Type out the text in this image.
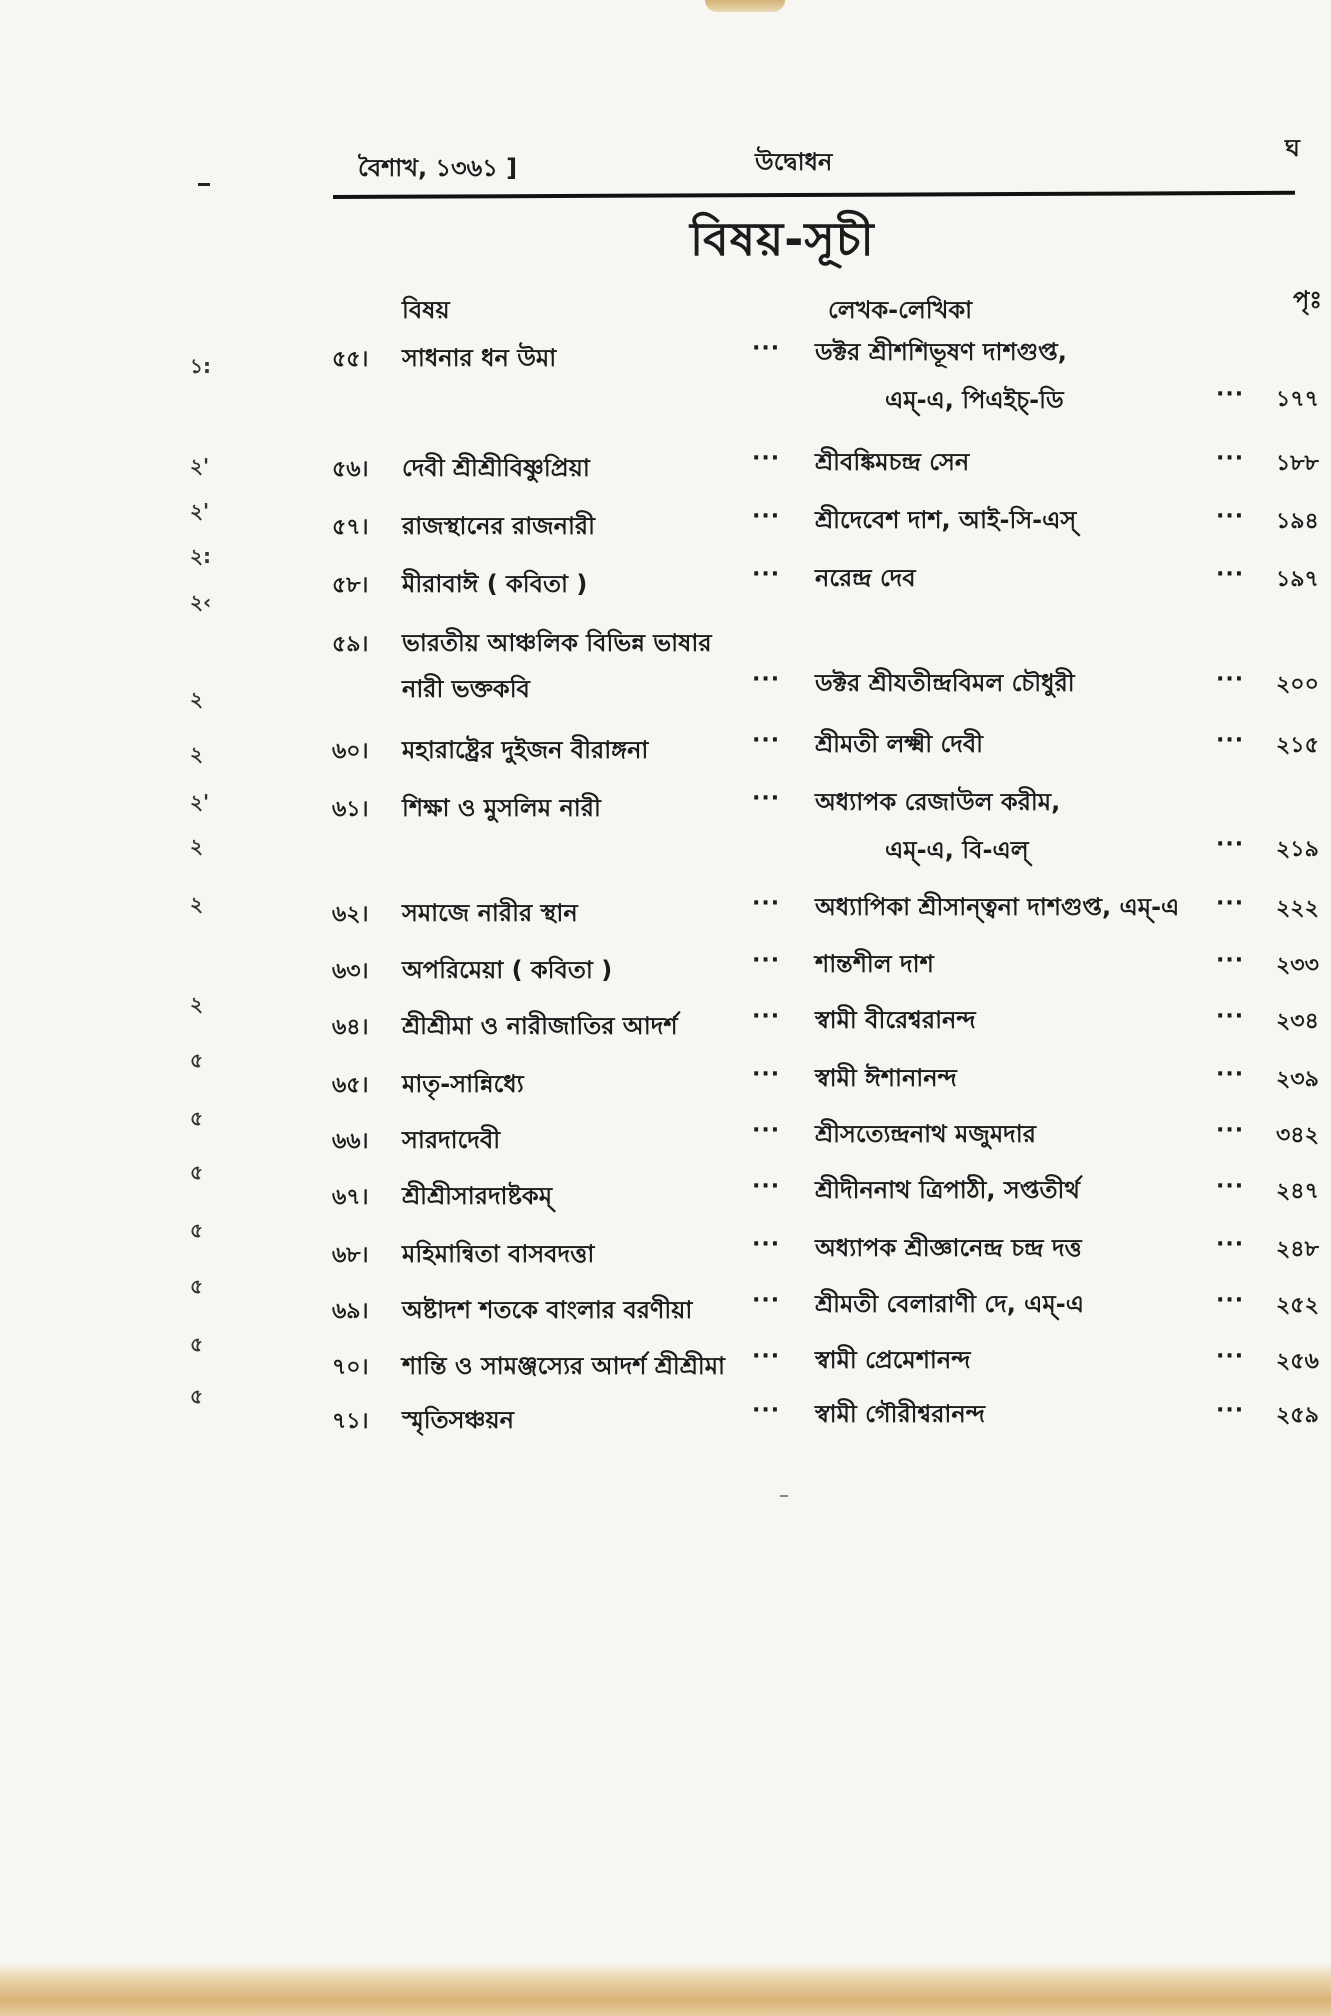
বৈশাখ, ১৩৬১ ]	উদ্বোধন	ঘ
বিষয়-সূচী
বিষয়	লেখক-লেখিকা	পৃঃ
৫৫। সাধনার ধন উমা	··· ডক্টর শ্রীশশিভূষণ দাশগুপ্ত,
এম্‌-এ, পিএইচ্‌-ডি	··· ১৭৭
৫৬। দেবী শ্রীশ্রীবিষ্ণুপ্রিয়া	··· শ্রীবঙ্কিমচন্দ্র সেন	··· ১৮৮
৫৭। রাজস্থানের রাজনারী	··· শ্রীদেবেশ দাশ, আই-সি-এস্‌	··· ১৯৪
৫৮। মীরাবাঈ ( কবিতা )	··· নরেন্দ্র দেব	··· ১৯৭
৫৯। ভারতীয় আঞ্চলিক বিভিন্ন ভাষার
নারী ভক্তকবি	··· ডক্টর শ্রীযতীন্দ্রবিমল চৌধুরী	··· ২০০
৬০। মহারাষ্ট্রের দুইজন বীরাঙ্গনা	··· শ্রীমতী লক্ষ্মী দেবী	··· ২১৫
৬১। শিক্ষা ও মুসলিম নারী	··· অধ্যাপক রেজাউল করীম,
এম্‌-এ, বি-এল্‌	··· ২১৯
৬২। সমাজে নারীর স্থান	··· অধ্যাপিকা শ্রীসান্ত্বনা দাশগুপ্ত, এম্‌-এ ··· ২২২
৬৩। অপরিমেয়া ( কবিতা )	··· শান্তশীল দাশ	··· ২৩৩
৬৪। শ্রীশ্রীমা ও নারীজাতির আদর্শ	··· স্বামী বীরেশ্বরানন্দ	··· ২৩৪
৬৫। মাতৃ-সান্নিধ্যে	··· স্বামী ঈশানানন্দ	··· ২৩৯
৬৬। সারদাদেবী	··· শ্রীসত্যেন্দ্রনাথ মজুমদার	··· ৩৪২
৬৭। শ্রীশ্রীসারদাষ্টকম্‌	··· শ্রীদীননাথ ত্রিপাঠী, সপ্ততীর্থ	··· ২৪৭
৬৮। মহিমান্বিতা বাসবদত্তা	··· অধ্যাপক শ্রীজ্ঞানেন্দ্র চন্দ্র দত্ত	··· ২৪৮
৬৯। অষ্টাদশ শতকে বাংলার বরণীয়া	··· শ্রীমতী বেলারাণী দে, এম্‌-এ	··· ২৫২
৭০। শান্তি ও সামঞ্জস্যের আদর্শ শ্রীশ্রীমা ··· স্বামী প্রেমেশানন্দ	··· ২৫৬
৭১। স্মৃতিসঞ্চয়ন	··· স্বামী গৌরীশ্বরানন্দ	··· ২৫৯
১:
২'
২'
২:
২‹
২
২
২'
২
২
২
৫
৫
৫
৫
৫
৫
৫
